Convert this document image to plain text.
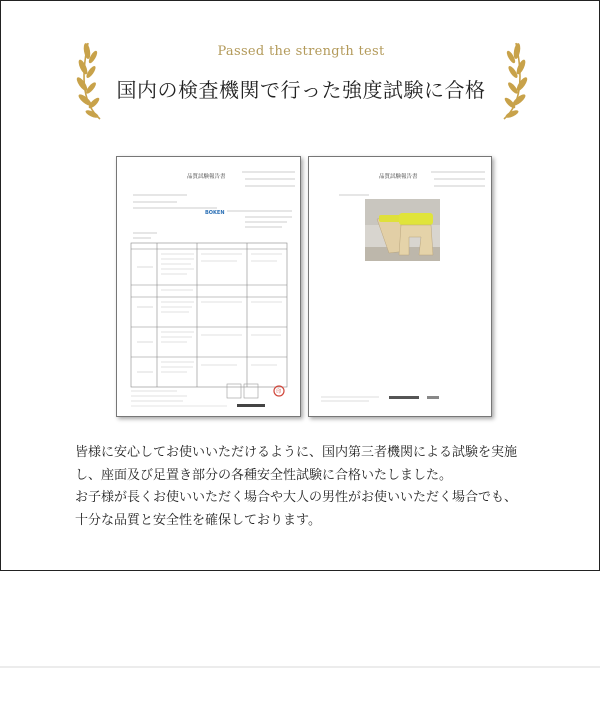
Passed the strength test
国内の検査機関で行った強度試験に合格
品質試験報告書
BOKEN
印
品質試験報告書

皆様に安心してお使いいただけるように、国内第三者機関による試験を実施

し、座面及び足置き部分の各種安全性試験に合格いたしました。

お子様が長くお使いいただく場合や大人の男性がお使いいただく場合でも、

十分な品質と安全性を確保しております。
